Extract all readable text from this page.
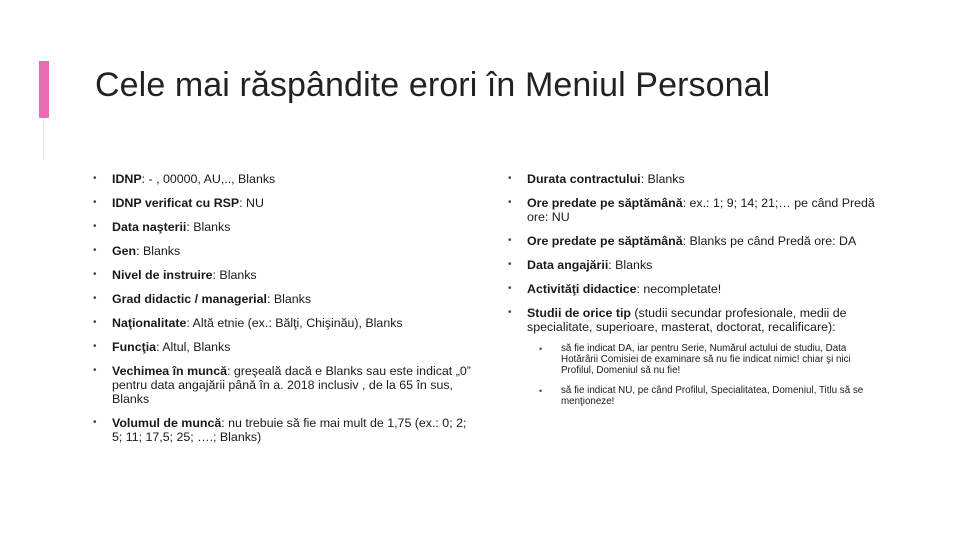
Cele mai răspândite erori în Meniul Personal
• IDNP: - , 00000, AU,.., Blanks
• IDNP verificat cu RSP: NU
• Data naşterii: Blanks
• Gen: Blanks
• Nivel de instruire: Blanks
• Grad didactic / managerial: Blanks
• Naţionalitate: Altă etnie (ex.: Bălţi, Chişinău), Blanks
• Funcţia: Altul, Blanks
• Vechimea în muncă: greşeală dacă e Blanks sau este indicat „0” pentru data angajării până în a. 2018 inclusiv , de la 65 în sus, Blanks
• Volumul de muncă: nu trebuie să fie mai mult de 1,75 (ex.: 0; 2; 5; 11; 17,5; 25; ….; Blanks)
• Durata contractului: Blanks
• Ore predate pe săptămână: ex.: 1; 9; 14; 21;… pe când Predă ore: NU
• Ore predate pe săptămână: Blanks pe când Predă ore: DA
• Data angajării: Blanks
• Activităţi didactice: necompletate!
• Studii de orice tip (studii secundar profesionale, medii de specialitate, superioare, masterat, doctorat, recalificare):
• să fie indicat DA, iar pentru Serie, Numărul actului de studiu, Data Hotărârii Comisiei de examinare să nu fie indicat nimic! chiar şi nici Profilul, Domeniul să nu fie!
• să fie indicat NU, pe când Profilul, Specialitatea, Domeniul, Titlu să se menţioneze!
